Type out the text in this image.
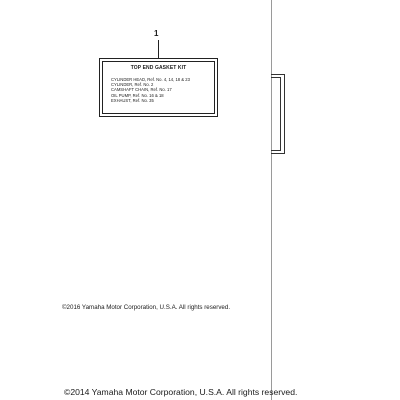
1
TOP END GASKET KIT
CYLINDER HEAD, Ref. No. 4, 14, 18 & 23
CYLINDER, Ref. No. 2
CAMSHAFT CHAIN, Ref. No. 17
OIL PUMP, Ref. No. 16 & 18
EXHAUST, Ref. No. 35
©2016 Yamaha Motor Corporation, U.S.A. All rights reserved.
©2014 Yamaha Motor Corporation, U.S.A. All rights reserved.
